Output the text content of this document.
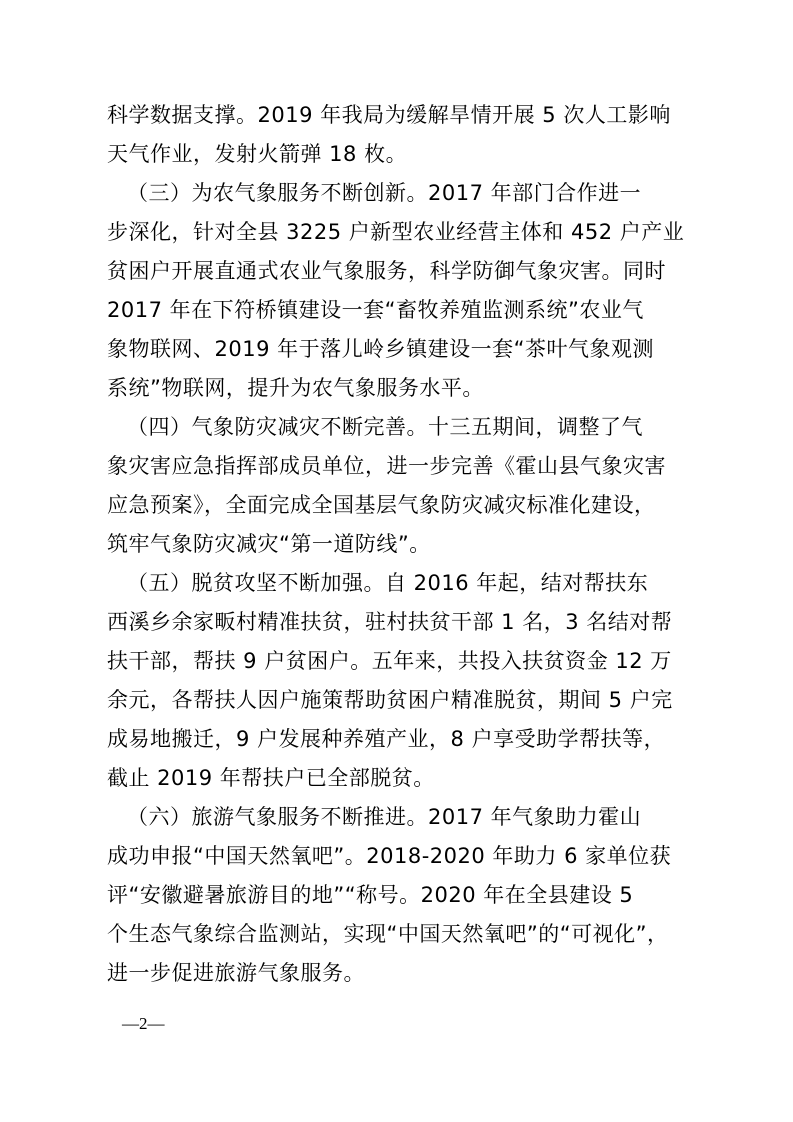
科学数据支撑。2019 年我局为缓解旱情开展 5 次人工影响
天气作业，发射火箭弹 18 枚。
（三）为农气象服务不断创新。2017 年部门合作进一
步深化，针对全县 3225 户新型农业经营主体和 452 户产业
贫困户开展直通式农业气象服务，科学防御气象灾害。同时
2017 年在下符桥镇建设一套“畜牧养殖监测系统”农业气
象物联网、2019 年于落儿岭乡镇建设一套“茶叶气象观测
系统”物联网，提升为农气象服务水平。
（四）气象防灾减灾不断完善。十三五期间，调整了气
象灾害应急指挥部成员单位，进一步完善《霍山县气象灾害
应急预案》，全面完成全国基层气象防灾减灾标准化建设，
筑牢气象防灾减灾“第一道防线”。
（五）脱贫攻坚不断加强。自 2016 年起，结对帮扶东
西溪乡余家畈村精准扶贫，驻村扶贫干部 1 名，3 名结对帮
扶干部，帮扶 9 户贫困户。五年来，共投入扶贫资金 12 万
余元，各帮扶人因户施策帮助贫困户精准脱贫，期间 5 户完
成易地搬迁，9 户发展种养殖产业，8 户享受助学帮扶等，
截止 2019 年帮扶户已全部脱贫。
（六）旅游气象服务不断推进。2017 年气象助力霍山
成功申报“中国天然氧吧”。2018-2020 年助力 6 家单位获
评“安徽避暑旅游目的地”“称号。2020 年在全县建设 5
个生态气象综合监测站，实现“中国天然氧吧”的“可视化”，
进一步促进旅游气象服务。
—2—
